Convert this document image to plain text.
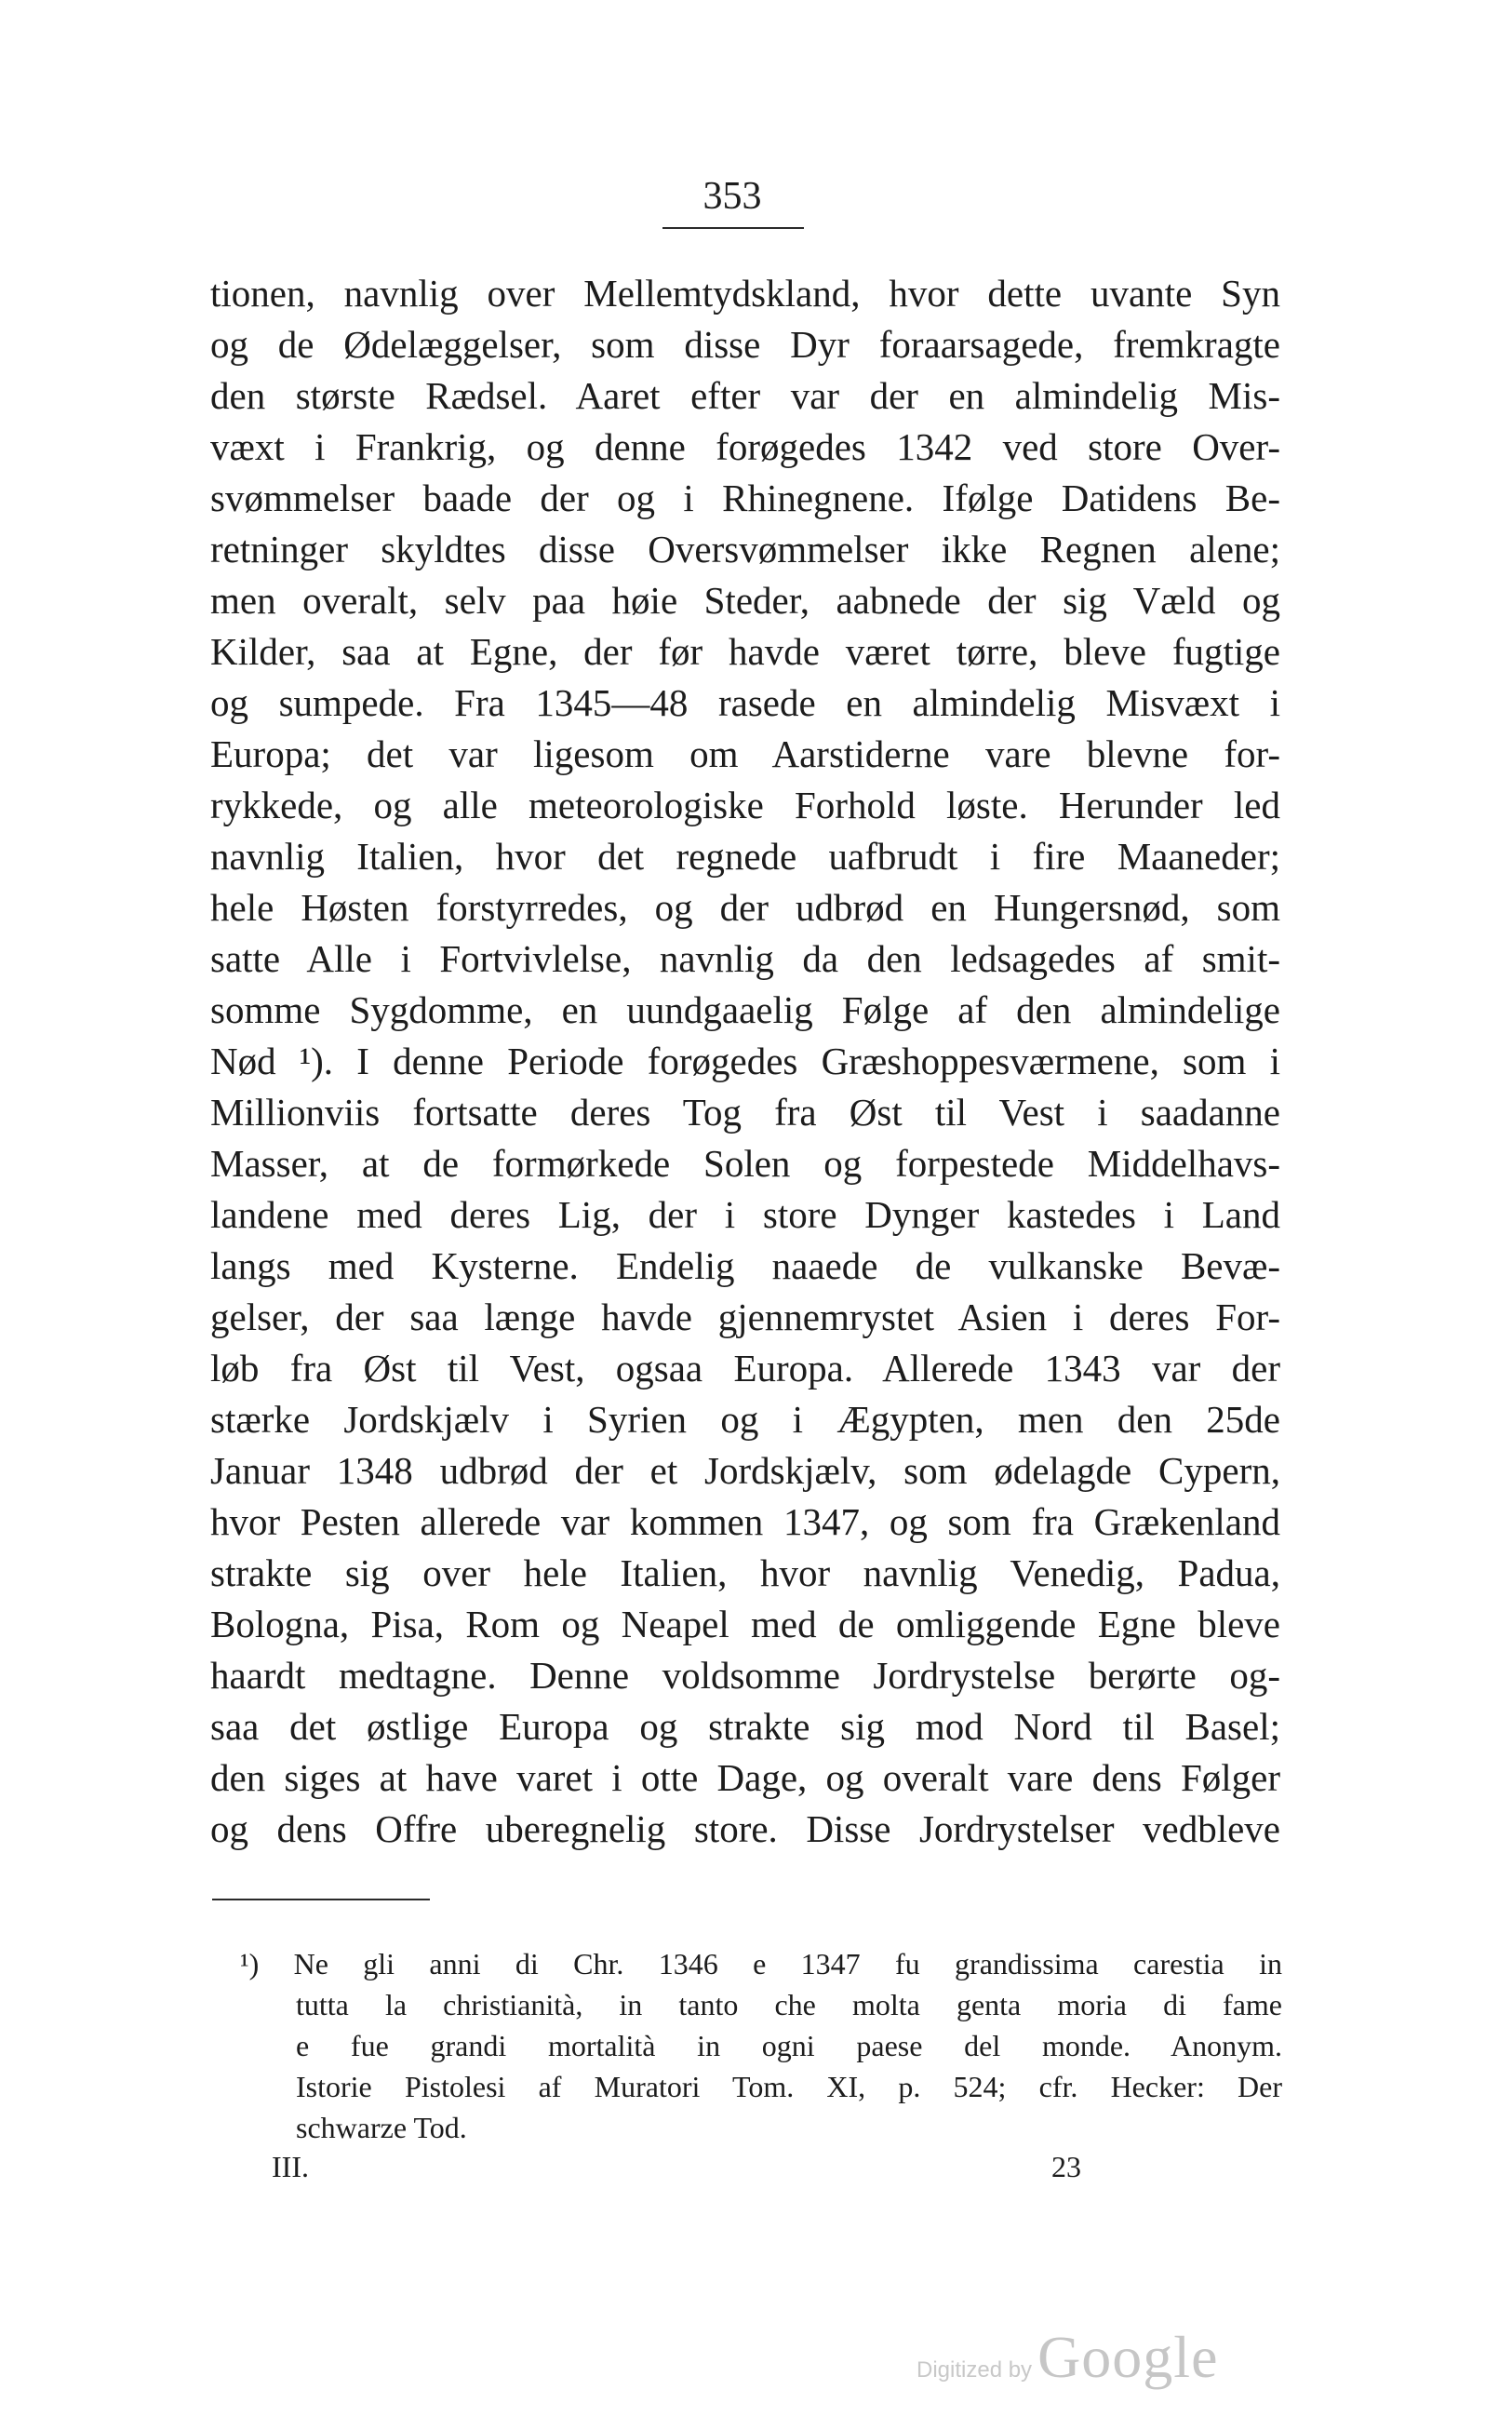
353
tionen, navnlig over Mellemtydskland, hvor dette uvante Syn
og de Ødelæggelser, som disse Dyr foraarsagede, fremkragte
den største Rædsel. Aaret efter var der en almindelig Mis-
væxt i Frankrig, og denne forøgedes 1342 ved store Over-
svømmelser baade der og i Rhinegnene. Ifølge Datidens Be-
retninger skyldtes disse Oversvømmelser ikke Regnen alene;
men overalt, selv paa høie Steder, aabnede der sig Væld og
Kilder, saa at Egne, der før havde været tørre, bleve fugtige
og sumpede. Fra 1345—48 rasede en almindelig Misvæxt i
Europa; det var ligesom om Aarstiderne vare blevne for-
rykkede, og alle meteorologiske Forhold løste. Herunder led
navnlig Italien, hvor det regnede uafbrudt i fire Maaneder;
hele Høsten forstyrredes, og der udbrød en Hungersnød, som
satte Alle i Fortvivlelse, navnlig da den ledsagedes af smit-
somme Sygdomme, en uundgaaelig Følge af den almindelige
Nød ¹). I denne Periode forøgedes Græshoppesværmene, som i
Millionviis fortsatte deres Tog fra Øst til Vest i saadanne
Masser, at de formørkede Solen og forpestede Middelhavs-
landene med deres Lig, der i store Dynger kastedes i Land
langs med Kysterne. Endelig naaede de vulkanske Bevæ-
gelser, der saa længe havde gjennemrystet Asien i deres For-
løb fra Øst til Vest, ogsaa Europa. Allerede 1343 var der
stærke Jordskjælv i Syrien og i Ægypten, men den 25de
Januar 1348 udbrød der et Jordskjælv, som ødelagde Cypern,
hvor Pesten allerede var kommen 1347, og som fra Grækenland
strakte sig over hele Italien, hvor navnlig Venedig, Padua,
Bologna, Pisa, Rom og Neapel med de omliggende Egne bleve
haardt medtagne. Denne voldsomme Jordrystelse berørte og-
saa det østlige Europa og strakte sig mod Nord til Basel;
den siges at have varet i otte Dage, og overalt vare dens Følger
og dens Offre uberegnelig store. Disse Jordrystelser vedbleve
¹) Ne gli anni di Chr. 1346 e 1347 fu grandissima carestia in
tutta la christianità, in tanto che molta genta moria di fame
e fue grandi mortalità in ogni paese del monde. Anonym.
Istorie Pistolesi af Muratori Tom. XI, p. 524; cfr. Hecker: Der
schwarze Tod.
III.	23
Digitized by Google
